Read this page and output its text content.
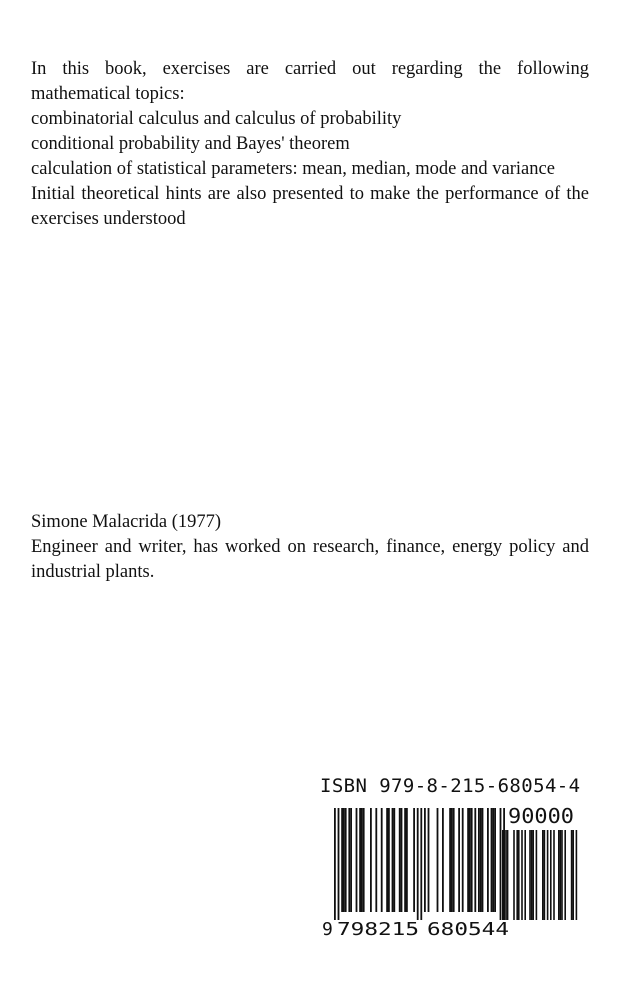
In this book, exercises are carried out regarding the following mathematical topics:
combinatorial calculus and calculus of probability
conditional probability and Bayes' theorem
calculation of statistical parameters: mean, median, mode and variance
Initial theoretical hints are also presented to make the performance of the exercises understood
Simone Malacrida (1977)
Engineer and writer, has worked on research, finance, energy policy and industrial plants.
ISBN 979-8-215-68054-4
9 798215 680544
90000
